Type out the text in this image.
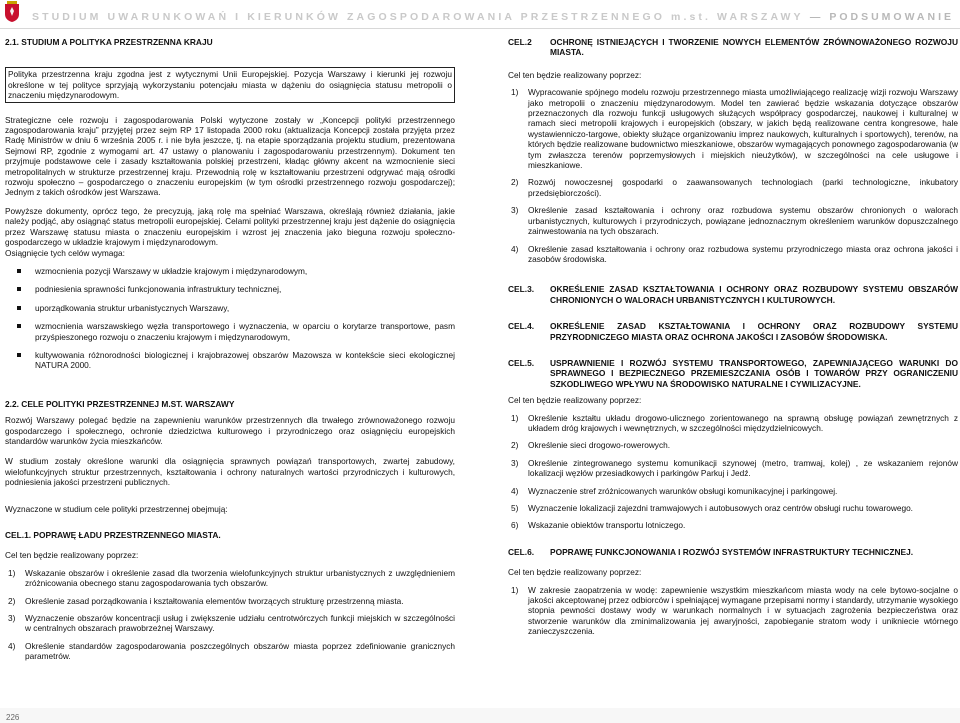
STUDIUM UWARUNKOWAŃ I KIERUNKÓW ZAGOSPODAROWANIA PRZESTRZENNEGO m.st. WARSZAWY — PODSUMOWANIE
2.1. STUDIUM A POLITYKA PRZESTRZENNA KRAJU

Polityka przestrzenna kraju zgodna jest z wytycznymi Unii Europejskiej. Pozycja Warszawy i kierunki jej rozwoju określone w tej polityce sprzyjają wykorzystaniu potencjału miasta w dążeniu do osiągnięcia statusu metropolii o znaczeniu międzynarodowym.

Strategiczne cele rozwoju i zagospodarowania Polski wytyczone zostały w „Koncepcji polityki przestrzennego zagospodarowania kraju” przyjętej przez sejm RP 17 listopada 2000 roku (aktualizacja Koncepcji została przyjęta przez Radę Ministrów w dniu 6 września 2005 r. i nie była jeszcze, tj. na etapie sporządzania projektu studium, prezentowana Sejmowi RP, zgodnie z wymogami art. 47 ustawy o planowaniu i zagospodarowaniu przestrzennym). Dokument ten przyjmuje podstawowe cele i zasady kształtowania polskiej przestrzeni, kładąc główny akcent na wzmocnienie sieci metropolitalnych w strukturze przestrzennej kraju. Przewodnią rolę w kształtowaniu przestrzeni odgrywać mają ośrodki rozwoju społeczno – gospodarczego o znaczeniu europejskim (w tym ośrodki przestrzennego rozwoju gospodarczej); Jednym z takich ośrodków jest Warszawa.

Powyższe dokumenty, oprócz tego, że precyzują, jaką rolę ma spełniać Warszawa, określają również działania, jakie należy podjąć, aby osiągnąć status metropolii europejskiej. Celami polityki przestrzennej kraju jest dążenie do osiągnięcia przez Warszawę statusu miasta o znaczeniu europejskim i wzrost jej znaczenia jako bieguna rozwoju społeczno-gospodarczego w układzie krajowym i międzynarodowym.

Osiągnięcie tych celów wymaga:

wzmocnienia pozycji Warszawy w układzie krajowym i międzynarodowym,
podniesienia sprawności funkcjonowania infrastruktury technicznej,
uporządkowania struktur urbanistycznych Warszawy,
wzmocnienia warszawskiego węzła transportowego i wyznaczenia, w oparciu o korytarze transportowe, pasm przyśpieszonego rozwoju o znaczeniu krajowym i międzynarodowym,
kultywowania różnorodności biologicznej i krajobrazowej obszarów Mazowsza w kontekście sieci ekologicznej NATURA 2000.
2.2. CELE POLITYKI PRZESTRZENNEJ M.ST. WARSZAWY

Rozwój Warszawy polegać będzie na zapewnieniu warunków przestrzennych dla trwałego zrównoważonego rozwoju gospodarczego i społecznego, ochronie dziedzictwa kulturowego i przyrodniczego oraz osiągnięciu europejskich standardów warunków życia mieszkańców.

W studium zostały określone warunki dla osiągnięcia sprawnych powiązań transportowych, zwartej zabudowy, wielofunkcyjnych struktur przestrzennych, kształtowania i ochrony naturalnych wartości przyrodniczych i kulturowych, podniesienia jakości przestrzeni publicznych.

Wyznaczone w studium cele polityki przestrzennej obejmują:

CEL.1. POPRAWĘ ŁADU PRZESTRZENNEGO MIASTA.

Cel ten będzie realizowany poprzez:

1) Wskazanie obszarów i określenie zasad dla tworzenia wielofunkcyjnych struktur urbanistycznych z uwzględnieniem zróżnicowania obecnego stanu zagospodarowania tych obszarów.
2) Określenie zasad porządkowania i kształtowania elementów tworzących strukturę przestrzenną miasta.
3) Wyznaczenie obszarów koncentracji usług i zwiększenie udziału centrotwórczych funkcji miejskich w szczególności w centralnych obszarach prawobrzeżnej Warszawy.
4) Określenie standardów zagospodarowania poszczególnych obszarów miasta poprzez zdefiniowanie granicznych parametrów.
CEL.2 OCHRONĘ ISTNIEJĄCYCH I TWORZENIE NOWYCH ELEMENTÓW ZRÓWNOWAŻONEGO ROZWOJU MIASTA.

Cel ten będzie realizowany poprzez:

1) Wypracowanie spójnego modelu rozwoju przestrzennego miasta umożliwiającego realizację wizji rozwoju Warszawy jako metropolii o znaczeniu międzynarodowym. Model ten zawierać będzie wskazania dotyczące obszarów przeznaczonych dla rozwoju funkcji usługowych służących współpracy gospodarczej, naukowej i kulturalnej w ramach sieci metropolii krajowych i europejskich (obszary, w jakich będą realizowane centra kongresowe, hale wystawienniczo-targowe, obiekty służące organizowaniu imprez naukowych, kulturalnych i sportowych), terenów, na których będzie realizowane budownictwo mieszkaniowe, obszarów wymagających ponownego zagospodarowania (w tym zwłaszcza terenów poprzemysłowych i miejskich nieużytków), w szczególności na cele usługowe i mieszkaniowe.
2) Rozwój nowoczesnej gospodarki o zaawansowanych technologiach (parki technologiczne, inkubatory przedsiębiorczości).
3) Określenie zasad kształtowania i ochrony oraz rozbudowa systemu obszarów chronionych o walorach urbanistycznych, kulturowych i przyrodniczych, powiązane jednoznacznym określeniem warunków dopuszczalnego zainwestowania na tych obszarach.
4) Określenie zasad kształtowania i ochrony oraz rozbudowa systemu przyrodniczego miasta oraz ochrona jakości i zasobów środowiska.
CEL.3. OKREŚLENIE ZASAD KSZTAŁTOWANIA I OCHRONY ORAZ ROZBUDOWY SYSTEMU OBSZARÓW CHRONIONYCH O WALORACH URBANISTYCZNYCH I KULTUROWYCH.
CEL.4. OKREŚLENIE ZASAD KSZTAŁTOWANIA I OCHRONY ORAZ ROZBUDOWY SYSTEMU PRZYRODNICZEGO MIASTA ORAZ OCHRONA JAKOŚCI I ZASOBÓW ŚRODOWISKA.
CEL.5. USPRAWNIENIE I ROZWÓJ SYSTEMU TRANSPORTOWEGO, ZAPEWNIAJĄCEGO WARUNKI DO SPRAWNEGO I BEZPIECZNEGO PRZEMIESZCZANIA OSÓB I TOWARÓW PRZY OGRANICZENIU SZKODLIWEGO WPŁYWU NA ŚRODOWISKO NATURALNE I CYWILIZACYJNE.

Cel ten będzie realizowany poprzez:

1) Określenie kształtu układu drogowo-ulicznego zorientowanego na sprawną obsługę powiązań zewnętrznych z układem dróg krajowych i wewnętrznych, w szczególności międzydzielnicowych.
2) Określenie sieci drogowo-rowerowych.
3) Określenie zintegrowanego systemu komunikacji szynowej (metro, tramwaj, kolej) , ze wskazaniem rejonów lokalizacji węzłów przesiadkowych i parkingów Parkuj i Jedź.
4) Wyznaczenie stref zróżnicowanych warunków obsługi komunikacyjnej i parkingowej.
5) Wyznaczenie lokalizacji zajezdni tramwajowych i autobusowych oraz centrów obsługi ruchu towarowego.
6) Wskazanie obiektów transportu lotniczego.
CEL.6. POPRAWĘ FUNKCJONOWANIA I ROZWÓJ SYSTEMÓW INFRASTRUKTURY TECHNICZNEJ.

Cel ten będzie realizowany poprzez:

1) W zakresie zaopatrzenia w wodę: zapewnienie wszystkim mieszkańcom miasta wody na cele bytowo-socjalne o jakości akceptowanej przez odbiorców i spełniającej wymagane przepisami normy i standardy, utrzymanie wysokiego stopnia pewności dostawy wody w warunkach normalnych i w sytuacjach zagrożenia bezpieczeństwa oraz stworzenie warunków dla zminimalizowania jej awaryjności, zapobieganie stratom wody i unikniecie wtórnego zanieczyszczenia.
226
